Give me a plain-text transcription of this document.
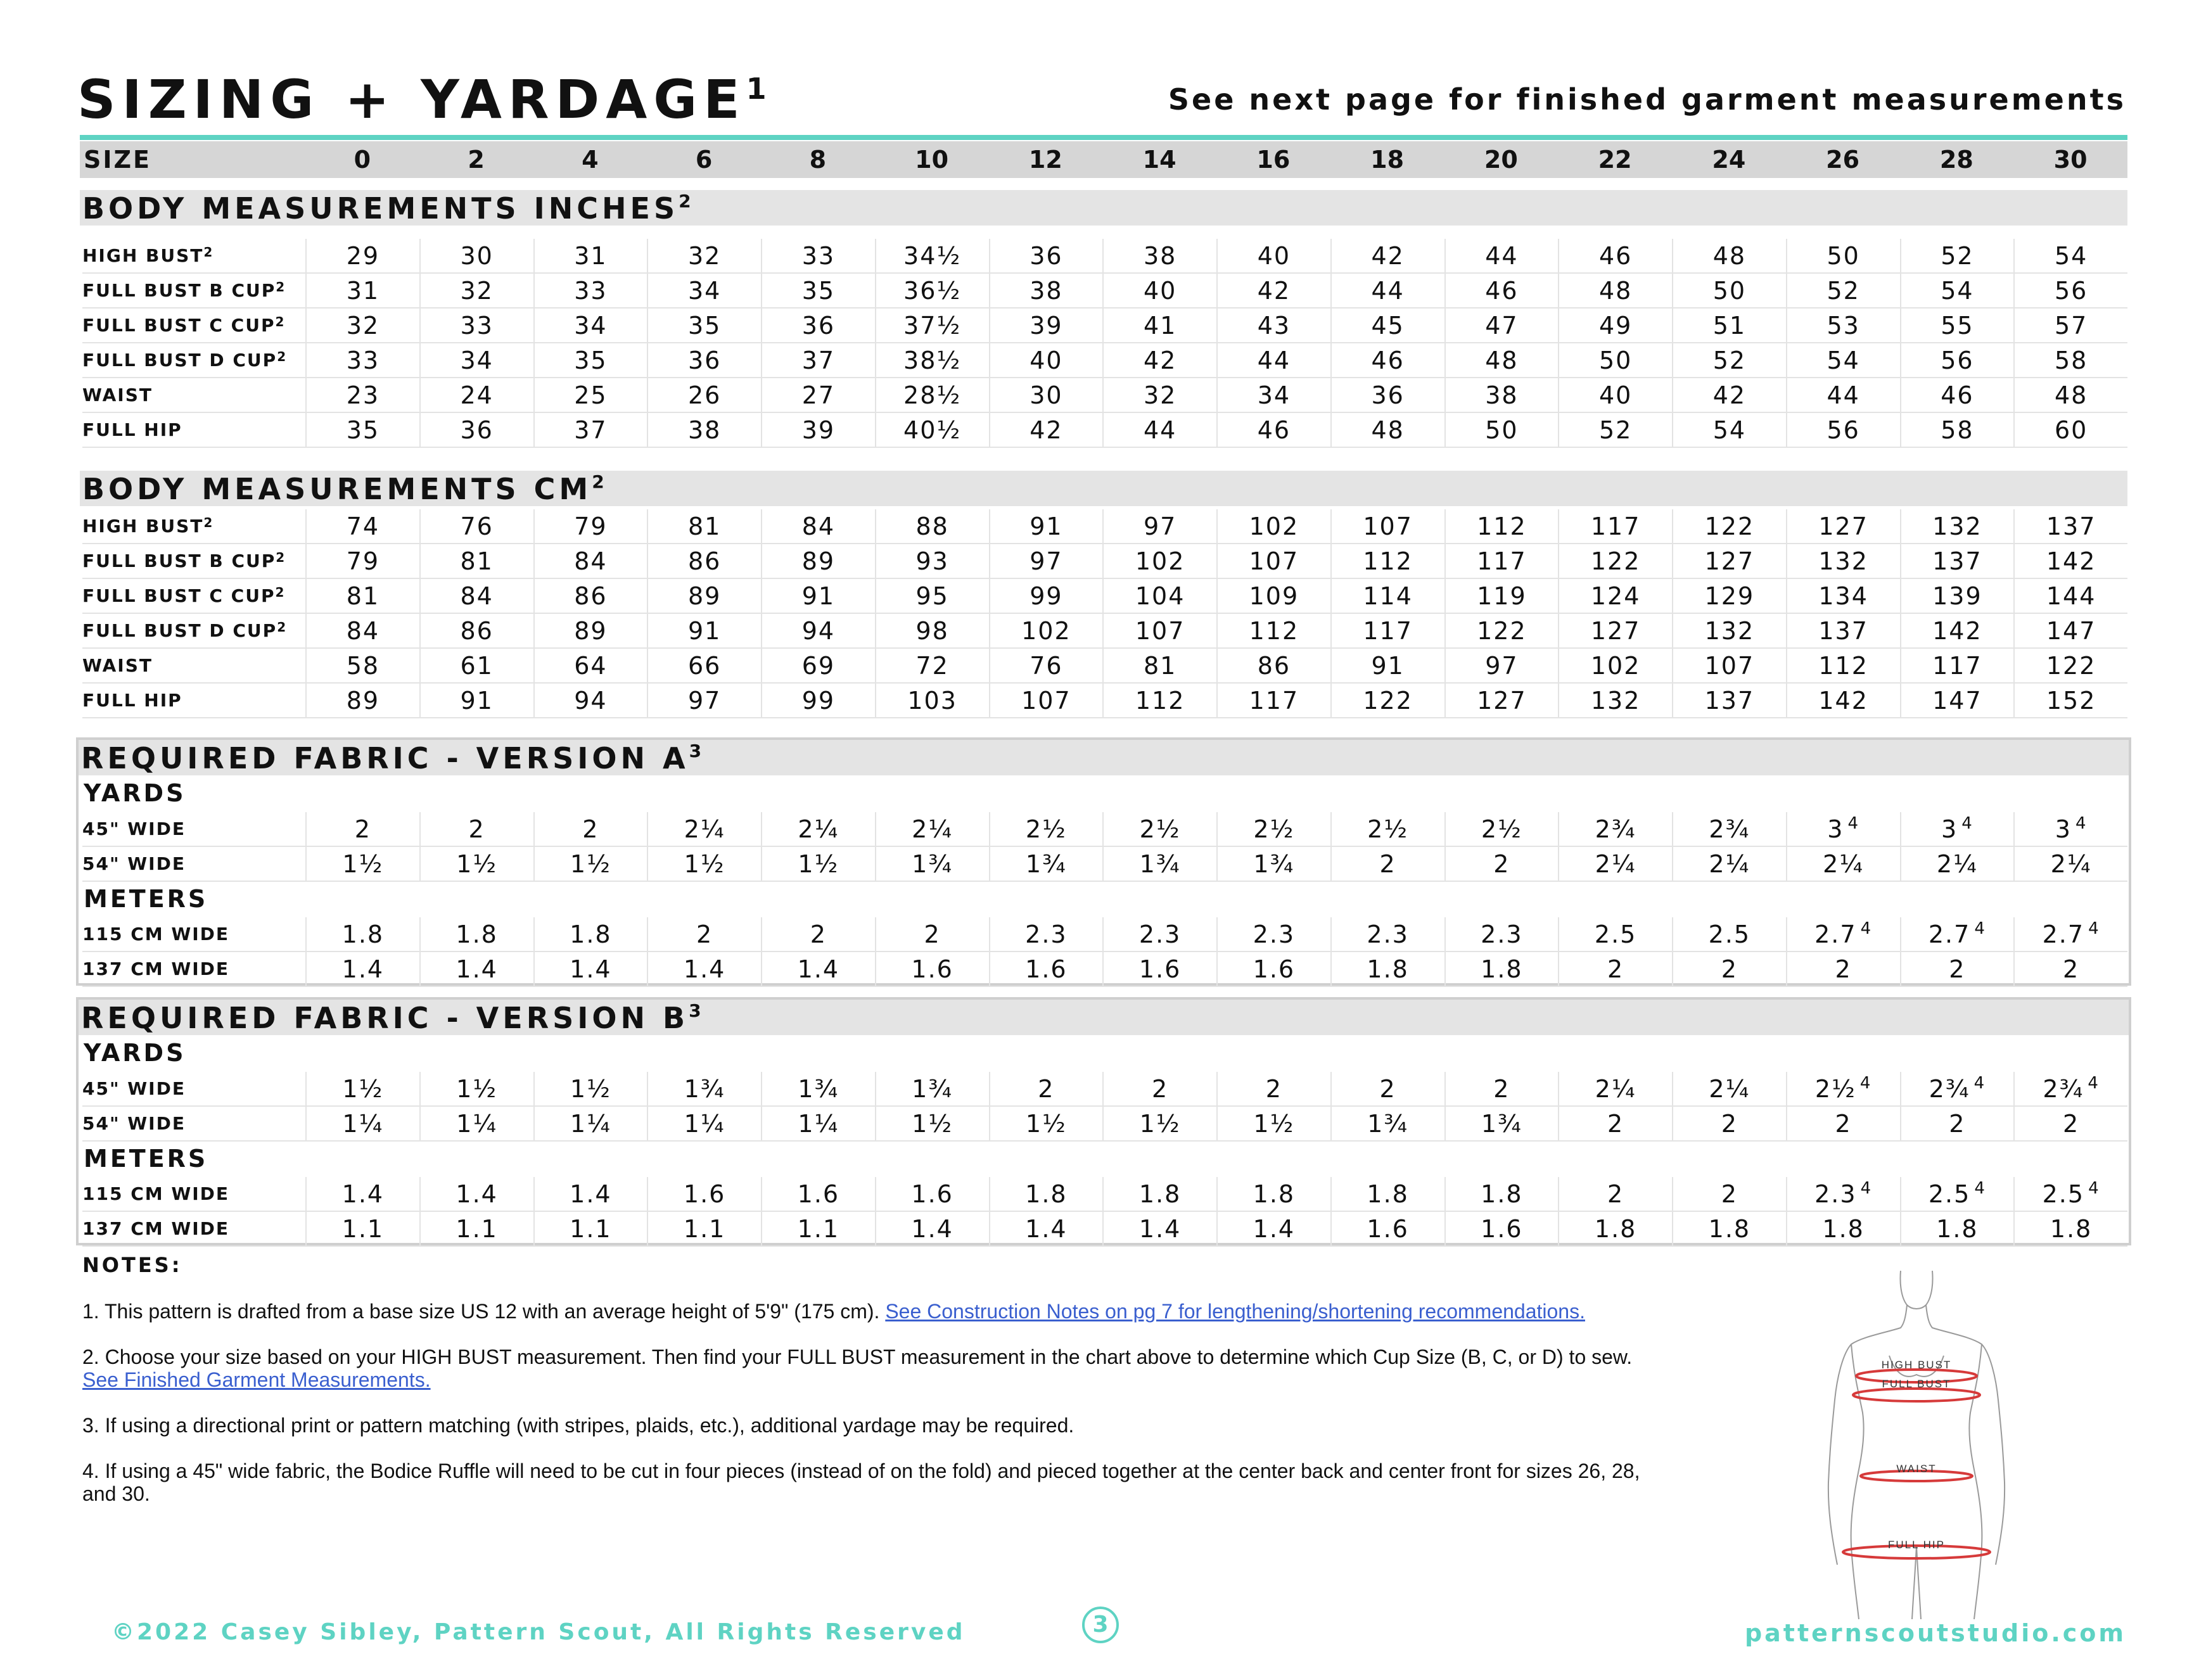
SIZING + $YARDAGE^1$	See next page for finished garment measurements
SIZE	0	2	4	6	8	10	12	14	16	18	20	22	24	26	28	30
BODY MEASUREMENTS INCHES$^2$
HIGH BUST$^2$	29	30	31	32	33	34½	36	38	40	42	44	46	48	50	52	54
FULL BUST B CUP$^2$	31	32	33	34	35	36½	38	40	42	44	46	48	50	52	54	56
FULL BUST C CUP$^2$	32	33	34	35	36	37½	39	41	43	45	47	49	51	53	55	57
FULL BUST D CUP$^2$	33	34	35	36	37	38½	40	42	44	46	48	50	52	54	56	58
WAIST	23	24	25	26	27	28½	30	32	34	36	38	40	42	44	46	48
FULL HIP	35	36	37	38	39	40½	42	44	46	48	50	52	54	56	58	60
BODY MEASUREMENTS $CM^2$
HIGH BUST$^2$	74	76	79	81	84	88	91	97	102	107	112	117	122	127	132	137
FULL BUST B CUP$^2$	79	81	84	86	89	93	97	102	107	112	117	122	127	132	137	142
FULL BUST C CUP$^2$	81	84	86	89	91	95	99	104	109	114	119	124	129	134	139	144
FULL BUST D CUP$^2$	84	86	89	91	94	98	102	107	112	117	122	127	132	137	142	147
WAIST	58	61	64	66	69	72	76	81	86	91	97	102	107	112	117	122
FULL HIP	89	91	94	97	99	103	107	112	117	122	127	132	137	142	147	152
REQUIRED FABRIC - VERSION $A^3$
YARDS
METERS
45" WIDE	2	2	2	2¼	2¼	2¼	2½	2½	2½	2½	2½	2¾	2¾	3 $^4$	3 $^4$	3 $^4$
54" WIDE	1½	1½	1½	1½	1½	1¾	1¾	1¾	1¾	2	2	2¼	2¼	2¼	2¼	2¼
115 CM WIDE	1.8	1.8	1.8	2	2	2	2.3	2.3	2.3	2.3	2.3	2.5	2.5	2.7 $^4$	2.7 $^4$	2.7 $^4$
137 CM WIDE	1.4	1.4	1.4	1.4	1.4	1.6	1.6	1.6	1.6	1.8	1.8	2	2	2	2	2
REQUIRED FABRIC - VERSION $B^3$
YARDS
METERS
45" WIDE	1½	1½	1½	1¾	1¾	1¾	2	2	2	2	2	2¼	2¼	2½ $^4$	2¾ $^4$	2¾ $^4$
54" WIDE	1¼	1¼	1¼	1¼	1¼	1½	1½	1½	1½	1¾	1¾	2	2	2	2	2
115 CM WIDE	1.4	1.4	1.4	1.6	1.6	1.6	1.8	1.8	1.8	1.8	1.8	2	2	2.3 $^4$	2.5 $^4$	2.5 $^4$
137 CM WIDE	1.1	1.1	1.1	1.1	1.1	1.4	1.4	1.4	1.4	1.6	1.6	1.8	1.8	1.8	1.8	1.8
NOTES:
1. This pattern is drafted from a base size US 12 with an average height of 5'9" (175 cm). See Construction Notes on pg 7 for lengthening/shortening recommendations.
2. Choose your size based on your HIGH BUST measurement. Then find your FULL BUST measurement in the chart above to determine which Cup Size (B, C, or D) to sew.
See Finished Garment Measurements.
3. If using a directional print or pattern matching (with stripes, plaids, etc.), additional yardage may be required.
4. If using a 45" wide fabric, the Bodice Ruffle will need to be cut in four pieces (instead of on the fold) and pieced together at the center back and center front for sizes 26, 28, and 30.
HIGH BUST
FULL BUST
WAIST
FULL HIP
©2022 Casey Sibley, Pattern Scout, All Rights Reserved	3	patternscoutstudio.com
